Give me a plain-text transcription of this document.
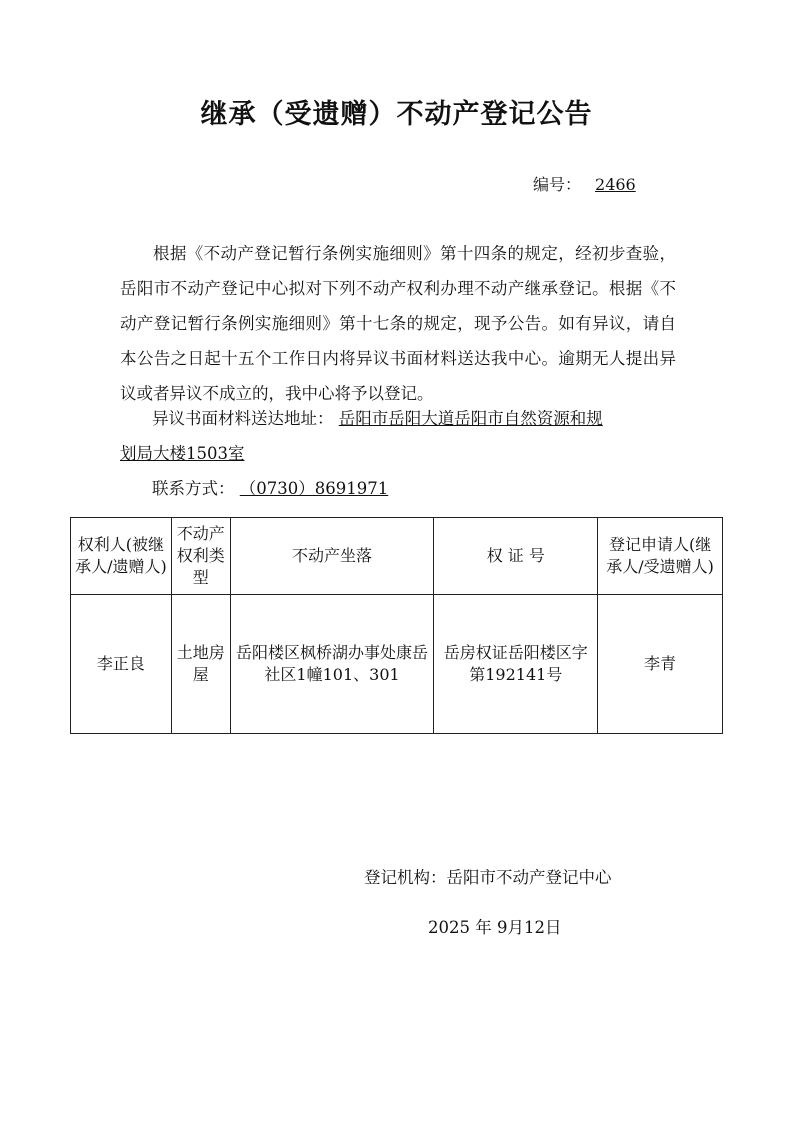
继承（受遗赠）不动产登记公告
编号： 2466

根据《不动产登记暂行条例实施细则》第十四条的规定，经初步查验，岳阳市不动产登记中心拟对下列不动产权利办理不动产继承登记。根据《不动产登记暂行条例实施细则》第十七条的规定，现予公告。如有异议，请自本公告之日起十五个工作日内将异议书面材料送达我中心。逾期无人提出异议或者异议不成立的，我中心将予以登记。

异议书面材料送达地址： 岳阳市岳阳大道岳阳市自然资源和规
划局大楼1503室
联系方式： （0730）8691971
权利人(被继承人/遗赠人)	不动产权利类型	不动产坐落	权 证 号	登记申请人(继承人/受遗赠人)
李正良	土地房屋	岳阳楼区枫桥湖办事处康岳社区1幢101、301	岳房权证岳阳楼区字第192141号	李青
登记机构：岳阳市不动产登记中心
2025 年 9月12日
